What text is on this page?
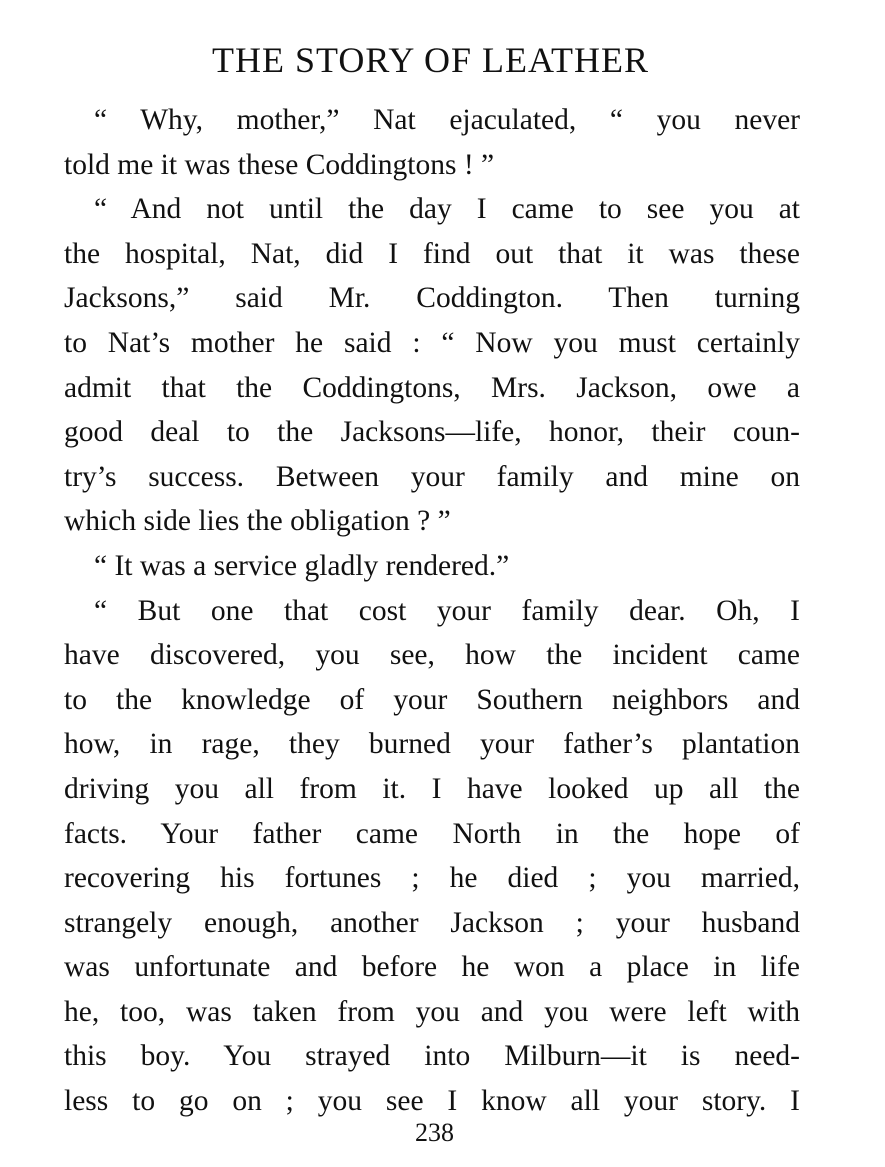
THE STORY OF LEATHER
“ Why, mother,” Nat ejaculated, “ you never
told me it was these Coddingtons ! ”
“ And not until the day I came to see you at
the hospital, Nat, did I find out that it was these
Jacksons,” said Mr. Coddington. Then turning
to Nat’s mother he said : “ Now you must certainly
admit that the Coddingtons, Mrs. Jackson, owe a
good deal to the Jacksons—life, honor, their coun-
try’s success. Between your family and mine on
which side lies the obligation ? ”
“ It was a service gladly rendered.”
“ But one that cost your family dear. Oh, I
have discovered, you see, how the incident came
to the knowledge of your Southern neighbors and
how, in rage, they burned your father’s plantation
driving you all from it. I have looked up all the
facts. Your father came North in the hope of
recovering his fortunes ; he died ; you married,
strangely enough, another Jackson ; your husband
was unfortunate and before he won a place in life
he, too, was taken from you and you were left with
this boy. You strayed into Milburn—it is need-
less to go on ; you see I know all your story. I
238
